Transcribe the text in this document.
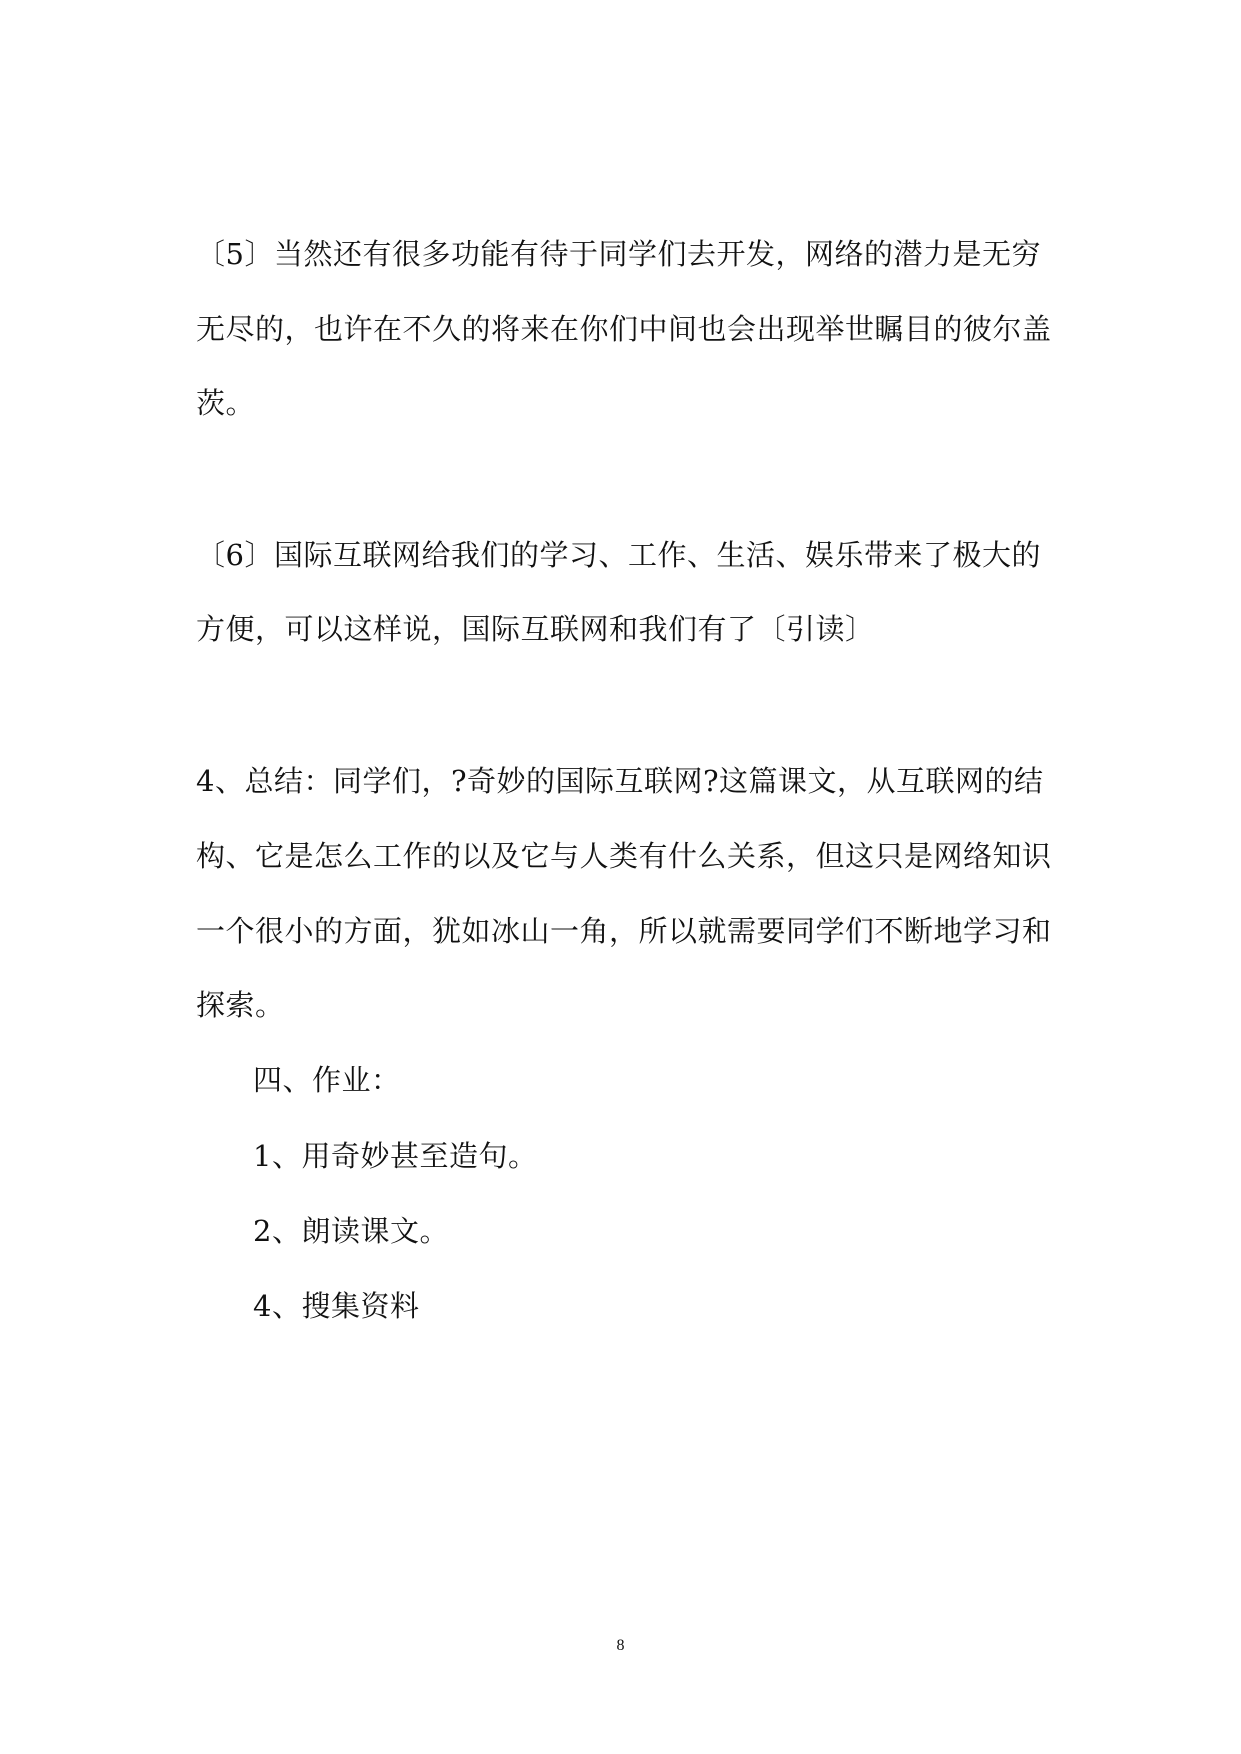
〔5〕当然还有很多功能有待于同学们去开发，网络的潜力是无穷
无尽的，也许在不久的将来在你们中间也会出现举世瞩目的彼尔盖
茨。
〔6〕国际互联网给我们的学习、工作、生活、娱乐带来了极大的
方便，可以这样说，国际互联网和我们有了〔引读〕
4、总结：同学们，?奇妙的国际互联网?这篇课文，从互联网的结
构、它是怎么工作的以及它与人类有什么关系，但这只是网络知识
一个很小的方面，犹如冰山一角，所以就需要同学们不断地学习和
探索。
四、作业：
1、用奇妙甚至造句。
2、朗读课文。
4、搜集资料
8
